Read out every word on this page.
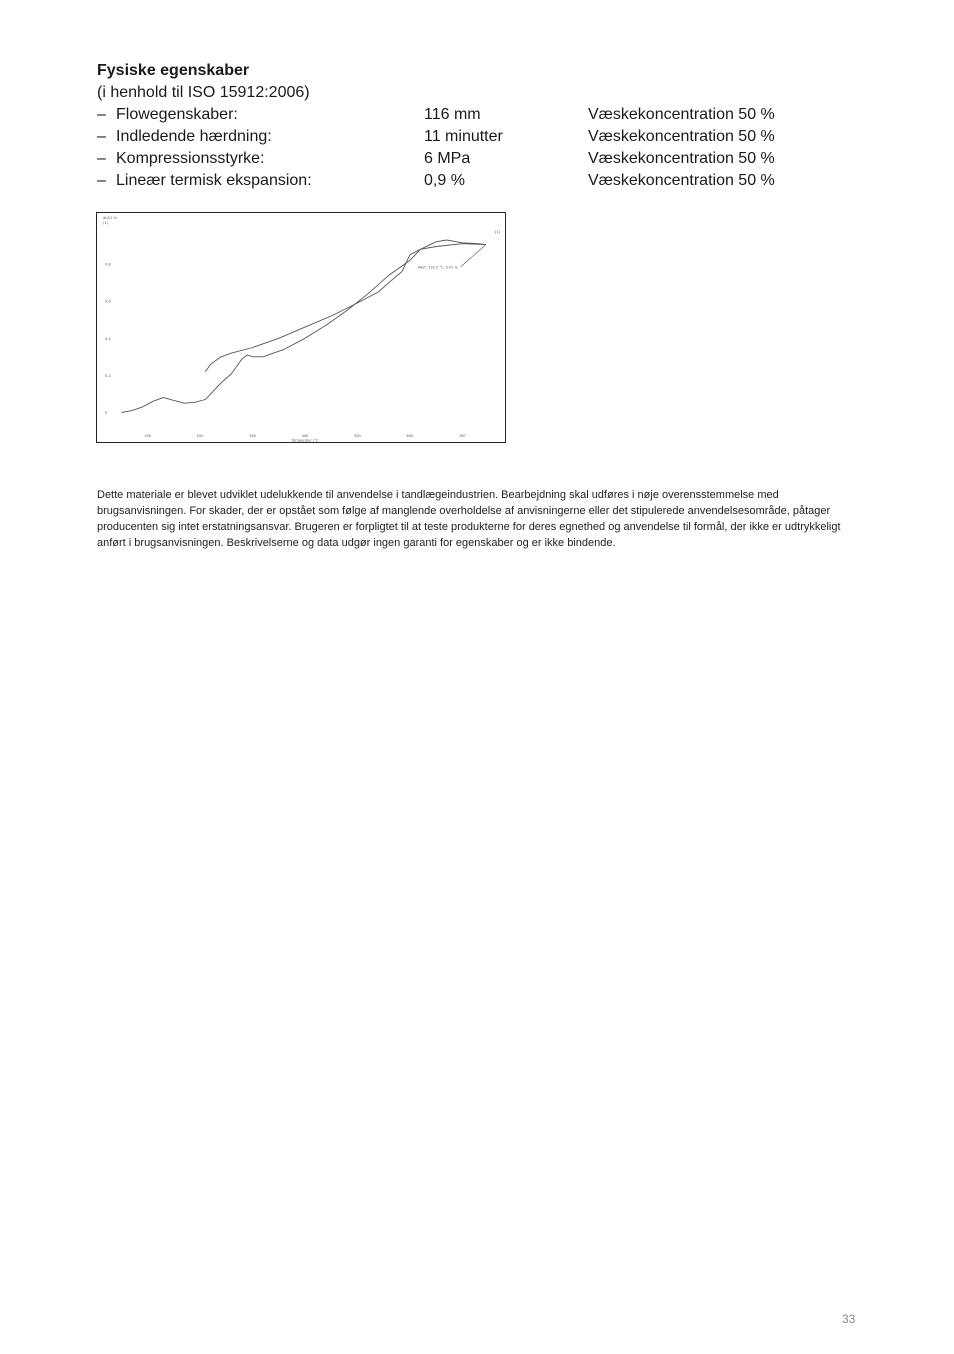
Fysiske egenskaber
(i henhold til ISO 15912:2006)
– Flowegenskaber:	116 mm	Væskekoncentration 50 %
– Indledende hærdning:	11 minutter	Væskekoncentration 50 %
– Kompressionsstyrke:	6 MPa	Væskekoncentration 50 %
– Lineær termisk ekspansion:	0,9 %	Væskekoncentration 50 %
dL/L0 %
(1)
0
0.2
0.4
0.6
0.8
100	200	300	400	500	600	700
Temperatur /°C
Wert: 733.5 °C, 0.91 %
[1]
Dette materiale er blevet udviklet udelukkende til anvendelse i tandlægeindustrien. Bearbejdning skal udføres i nøje overensstemmelse med brugsanvisningen. For skader, der er opstået som følge af manglende overholdelse af anvisningerne eller det stipulerede anvendelsesområde, påtager producenten sig intet erstatningsansvar. Brugeren er forpligtet til at teste produkterne for deres egnethed og anvendelse til formål, der ikke er udtrykkeligt anført i brugsanvisningen. Beskrivelserne og data udgør ingen garanti for egenskaber og er ikke bindende.
33
